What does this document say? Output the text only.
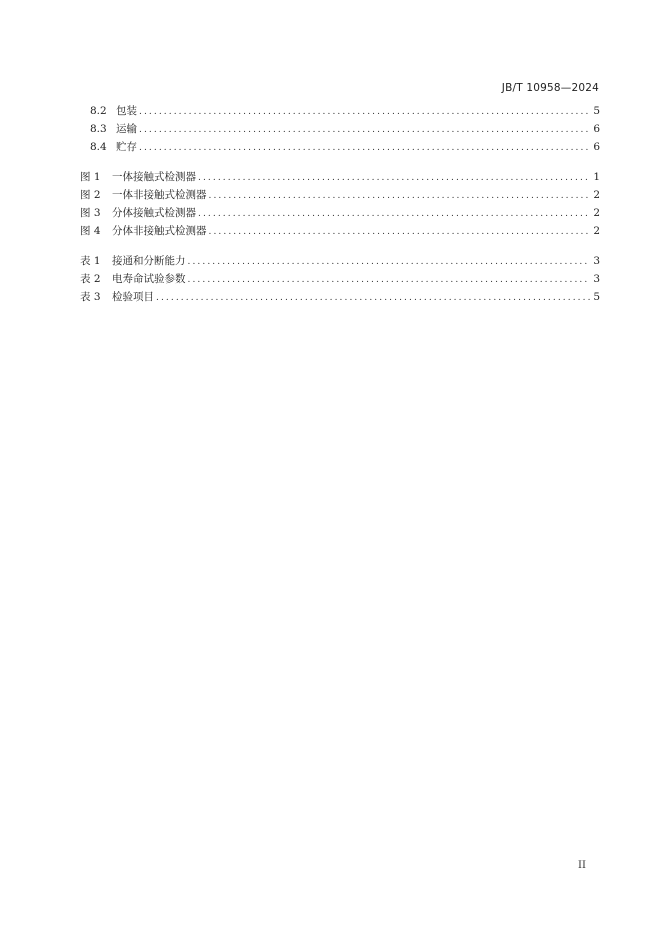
JB/T 10958—2024
8.2 包装 .....	5
8.3 运输 .....	6
8.4 贮存 .....	6
图 1	一体接触式检测器 .....	1
图 2	一体非接触式检测器 .....	2
图 3	分体接触式检测器 .....	2
图 4	分体非接触式检测器 .....	2
表 1	接通和分断能力 .....	3
表 2	电寿命试验参数 .....	3
表 3	检验项目 .....	5
II
